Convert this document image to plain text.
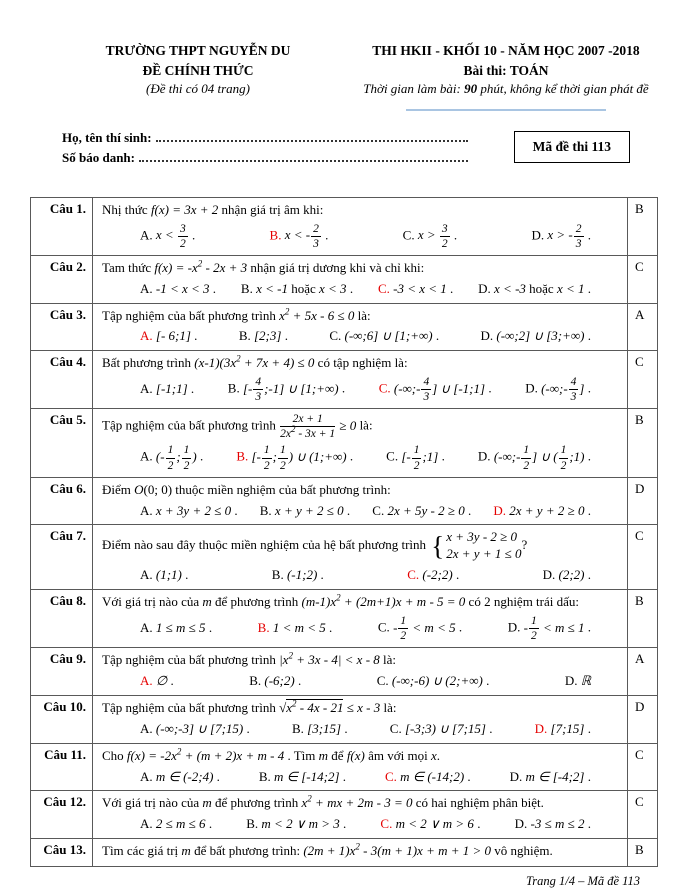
TRƯỜNG THPT NGUYỄN DU
ĐỀ CHÍNH THỨC
(Đề thi có 04 trang)
THI HKII - KHỐI 10 - NĂM HỌC 2007 -2018
Bài thi: TOÁN
Thời gian làm bài: 90 phút, không kể thời gian phát đề
Họ, tên thí sinh:
Số báo danh:
Mã đề thi 113
Câu 1.	Nhị thức f(x) = 3x + 2 nhận giá trị âm khi:
A. $x < \frac{3}{2}$ .	B. x < - $\frac{2}{3}$ .	C. $x > \frac{3}{2}$ .	D. x > - $\frac{2}{3}$ .
	B
Câu 2.	Tam thức $f(x) = -x^2 - 2x + 3$ nhận giá trị dương khi và chỉ khi:
A. -1 < x < 3 . B. x < -1 hoặc x < 3 . C. -3 < x < 1 . D. x < -3 hoặc x < 1 .	C
Câu 3.	Tập nghiệm của bất phương trình $x^2 + 5x - 6 \le 0$ là:
A. [- 6;1] . B. [2;3] . C. (-∞;6] ∪ [1;+∞) . D. (-∞;2] ∪ [3;+∞) .	A
Câu 4.	Bất phương trình $(x-1)(3x^2 + 7x + 4) \le 0$ có tập nghiệm là:
A. [-1;1] .	B. [- $\frac{4}{3}$ ;-1] ∪ [1;+∞) .	C. (-∞;- $\frac{4}{3}$ ] ∪ [-1;1] .	D. (-∞;- $\frac{4}{3}$ ] .
	C
Câu 5.	Tập nghiệm của bất phương trình $\frac{2x + 1}{2x^2 - 3x + 1} \ge 0$ là:
A. (- $\frac{1}{2}$ ; $\frac{1}{2}$ ) .	B. [- $\frac{1}{2}$ ; $\frac{1}{2}$ ) ∪ (1;+∞) .	C. [- $\frac{1}{2}$ ;1] .	D. (-∞;- $\frac{1}{2}$ ] ∪ ( $\frac{1}{2}$ ;1) .
	B
Câu 6.	Điểm O(0; 0) thuộc miền nghiệm của bất phương trình:
A. x + 3y + 2 ≤ 0 . B. x + y + 2 ≤ 0 . C. 2x + 5y - 2 ≥ 0 . D. 2x + y + 2 ≥ 0 .	D
Câu 7.	
Điểm nào sau đây thuộc miền nghiệm của hệ bất phương trình { x + 3y - 2 ≥ 0
2x + y + 1 ≤ 0
?
A. (1;1) .	B. (-1;2) .	C. (-2;2) .	D. (2;2) .
	C
Câu 8.	Với giá trị nào của m để phương trình $(m-1)x^2 + (2m+1)x + m - 5 = 0$ có 2 nghiệm trái dấu:
A. 1 ≤ m ≤ 5 .	B. 1 < m < 5 .	C. - $\frac{1}{2} < m < 5$ .	D. - $\frac{1}{2} < m \le 1$ .
	B
Câu 9.	Tập nghiệm của bất phương trình $|x^2 + 3x - 4| < x - 8$ là:
A. ∅ . B. (-6;2) . C. (-∞;-6) ∪ (2;+∞) . D. ℝ	A
Câu 10.	Tập nghiệm của bất phương trình $√x^2 - 4x - 21 \le x - 3$ là:
A. (-∞;-3] ∪ [7;15) . B. [3;15] . C. [-3;3) ∪ [7;15] . D. [7;15] .	D
Câu 11.	Cho $f(x) = -2x^2 + (m + 2)x + m - 4$ . Tìm m để f(x) âm với mọi x.
A. m ∈ (-2;4) . B. m ∈ [-14;2] . C. m ∈ (-14;2) . D. m ∈ [-4;2] .	C
Câu 12.	Với giá trị nào của m để phương trình $x^2$ + mx + 2m - 3 = 0 có hai nghiệm phân biệt.
A. 2 ≤ m ≤ 6 . B. m < 2 ∨ m > 3 . C. m < 2 ∨ m > 6 . D. -3 ≤ m ≤ 2 .	C
Câu 13.	Tìm các giá trị m để bất phương trình: $(2m + 1)x^2 - 3(m + 1)x + m + 1 > 0$ vô nghiệm.	B
Trang 1/4 – Mã đề 113
